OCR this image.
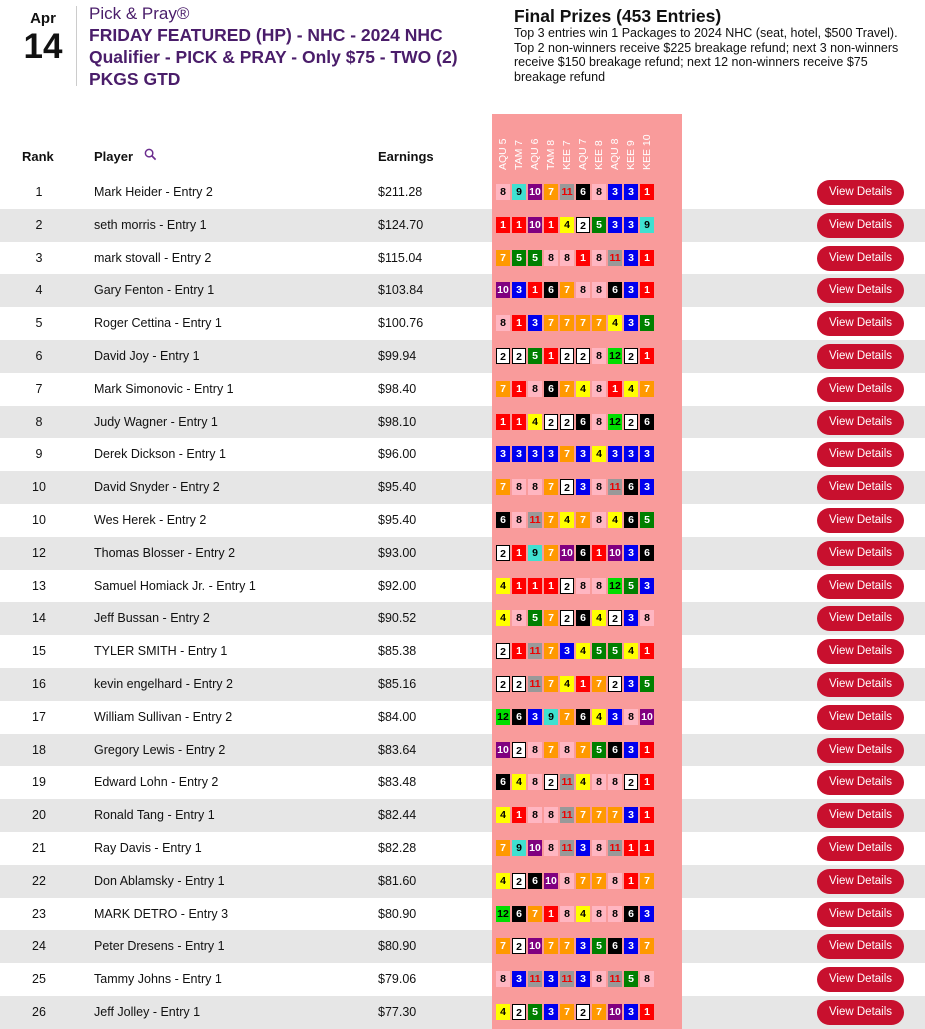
Apr
14
Pick & Pray®
FRIDAY FEATURED (HP) - NHC - 2024 NHC Qualifier - PICK & PRAY - Only $75 - TWO (2) PKGS GTD
Final Prizes (453 Entries)
Top 3 entries win 1 Packages to 2024 NHC (seat, hotel, $500 Travel). Top 2 non-winners receive $225 breakage refund; next 3 non-winners receive $150 breakage refund; next 12 non-winners receive $75 breakage refund
AQU 5 TAM 7 AQU 6 TAM 8 KEE 7 AQU 7 KEE 8 AQU 8 KEE 9 KEE 10
Rank	Player	Earnings
1	Mark Heider - Entry 2	$211.28	8 9 10 7 11 6 8 3 3 1	View Details
2	seth morris - Entry 1	$124.70	1 1 10 1 4 2 5 3 3 9	View Details
3	mark stovall - Entry 2	$115.04	7 5 5 8 8 1 8 11 3 1	View Details
4	Gary Fenton - Entry 1	$103.84	10 3 1 6 7 8 8 6 3 1	View Details
5	Roger Cettina - Entry 1	$100.76	8 1 3 7 7 7 7 4 3 5	View Details
6	David Joy - Entry 1	$99.94	2 2 5 1 2 2 8 12 2 1	View Details
7	Mark Simonovic - Entry 1	$98.40	7 1 8 6 7 4 8 1 4 7	View Details
8	Judy Wagner - Entry 1	$98.10	1 1 4 2 2 6 8 12 2 6	View Details
9	Derek Dickson - Entry 1	$96.00	3 3 3 3 7 3 4 3 3 3	View Details
10	David Snyder - Entry 2	$95.40	7 8 8 7 2 3 8 11 6 3	View Details
10	Wes Herek - Entry 2	$95.40	6 8 11 7 4 7 8 4 6 5	View Details
12	Thomas Blosser - Entry 2	$93.00	2 1 9 7 10 6 1 10 3 6	View Details
13	Samuel Homiack Jr. - Entry 1	$92.00	4 1 1 1 2 8 8 12 5 3	View Details
14	Jeff Bussan - Entry 2	$90.52	4 8 5 7 2 6 4 2 3 8	View Details
15	TYLER SMITH - Entry 1	$85.38	2 1 11 7 3 4 5 5 4 1	View Details
16	kevin engelhard - Entry 2	$85.16	2 2 11 7 4 1 7 2 3 5	View Details
17	William Sullivan - Entry 2	$84.00	12 6 3 9 7 6 4 3 8 10	View Details
18	Gregory Lewis - Entry 2	$83.64	10 2 8 7 8 7 5 6 3 1	View Details
19	Edward Lohn - Entry 2	$83.48	6 4 8 2 11 4 8 8 2 1	View Details
20	Ronald Tang - Entry 1	$82.44	4 1 8 8 11 7 7 7 3 1	View Details
21	Ray Davis - Entry 1	$82.28	7 9 10 8 11 3 8 11 1 1	View Details
22	Don Ablamsky - Entry 1	$81.60	4 2 6 10 8 7 7 8 1 7	View Details
23	MARK DETRO - Entry 3	$80.90	12 6 7 1 8 4 8 8 6 3	View Details
24	Peter Dresens - Entry 1	$80.90	7 2 10 7 7 3 5 6 3 7	View Details
25	Tammy Johns - Entry 1	$79.06	8 3 11 3 11 3 8 11 5 8	View Details
26	Jeff Jolley - Entry 1	$77.30	4 2 5 3 7 2 7 10 3 1	View Details
